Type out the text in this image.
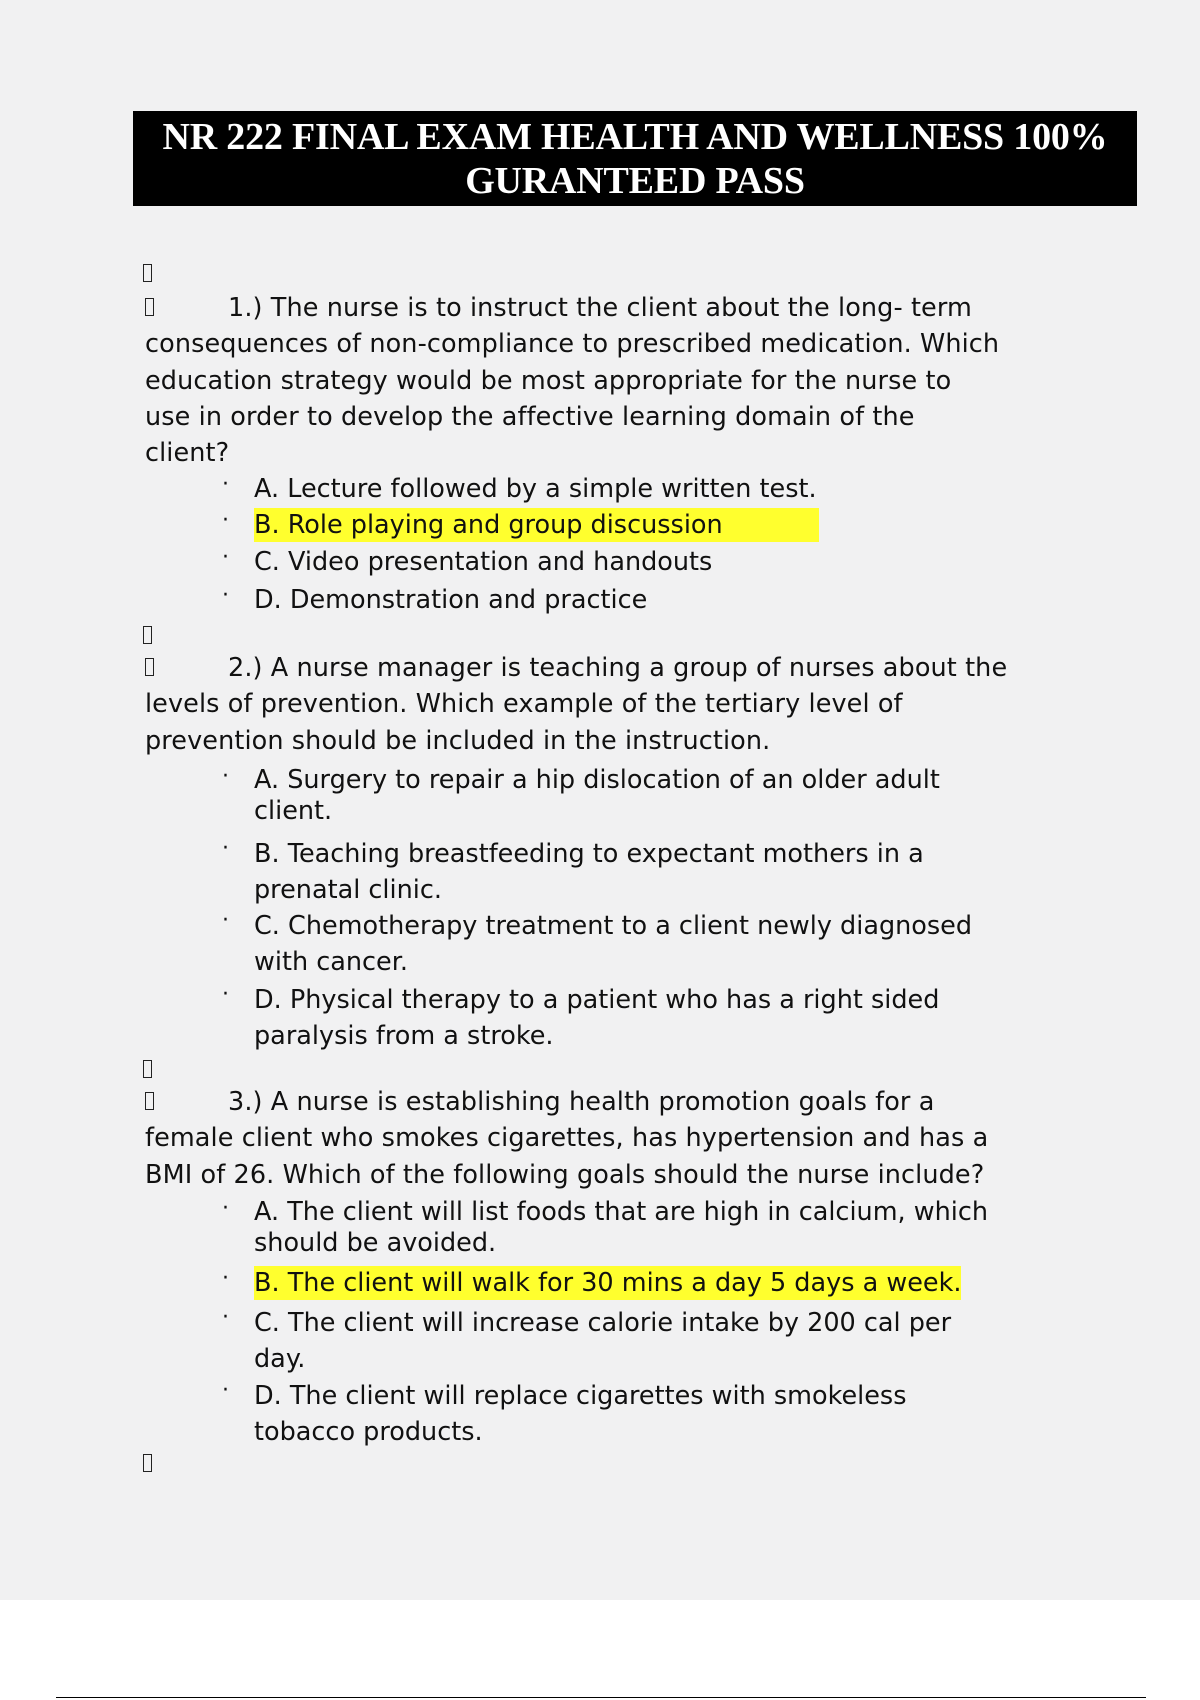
NR 222 FINAL EXAM HEALTH AND WELLNESS 100%
GURANTEED PASS
1.) The nurse is to instruct the client about the long- term
consequences of non-compliance to prescribed medication. Which
education strategy would be most appropriate for the nurse to
use in order to develop the affective learning domain of the
client?
· A. Lecture followed by a simple written test.
· B. Role playing and group discussion
· C. Video presentation and handouts
· D. Demonstration and practice
2.) A nurse manager is teaching a group of nurses about the
levels of prevention. Which example of the tertiary level of
prevention should be included in the instruction.
· A. Surgery to repair a hip dislocation of an older adult
client.
· B. Teaching breastfeeding to expectant mothers in a
prenatal clinic.
· C. Chemotherapy treatment to a client newly diagnosed
with cancer.
· D. Physical therapy to a patient who has a right sided
paralysis from a stroke.
3.) A nurse is establishing health promotion goals for a
female client who smokes cigarettes, has hypertension and has a
BMI of 26. Which of the following goals should the nurse include?
· A. The client will list foods that are high in calcium, which
should be avoided.
· B. The client will walk for 30 mins a day 5 days a week.
· C. The client will increase calorie intake by 200 cal per
day.
· D. The client will replace cigarettes with smokeless
tobacco products.
